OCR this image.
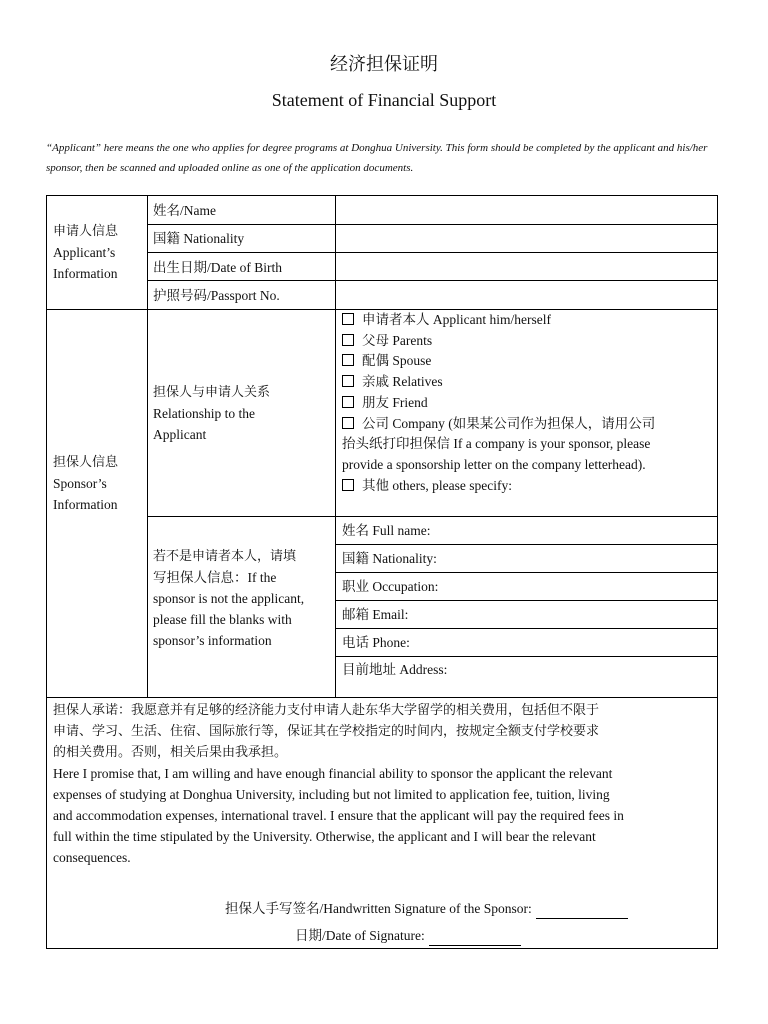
经济担保证明
Statement of Financial Support
“Applicant” here means the one who applies for degree programs at Donghua University. This form should be completed by the applicant and his/her sponsor, then be scanned and uploaded online as one of the application documents.
申请人信息
Applicant’s
Information
姓名/Name
国籍 Nationality
出生日期/Date of Birth
护照号码/Passport No.
担保人信息
Sponsor’s
Information
担保人与申请人关系
Relationship to the
Applicant
申请者本人 Applicant him/herself
父母 Parents
配偶 Spouse
亲戚 Relatives
朋友 Friend
公司 Company (如果某公司作为担保人，请用公司
抬头纸打印担保信 If a company is your sponsor, please
provide a sponsorship letter on the company letterhead).
其他 others, please specify:
若不是申请者本人，请填
写担保人信息：If the
sponsor is not the applicant,
please fill the blanks with
sponsor’s information
姓名 Full name:
国籍 Nationality:
职业 Occupation:
邮箱 Email:
电话 Phone:
目前地址 Address:
担保人承诺：我愿意并有足够的经济能力支付申请人赴东华大学留学的相关费用，包括但不限于
申请、学习、生活、住宿、国际旅行等，保证其在学校指定的时间内，按规定全额支付学校要求
的相关费用。否则，相关后果由我承担。
Here I promise that, I am willing and have enough financial ability to sponsor the applicant the relevant
expenses of studying at Donghua University, including but not limited to application fee, tuition, living
and accommodation expenses, international travel. I ensure that the applicant will pay the required fees in
full within the time stipulated by the University. Otherwise, the applicant and I will bear the relevant
consequences.
担保人手写签名/Handwritten Signature of the Sponsor:
日期/Date of Signature:
